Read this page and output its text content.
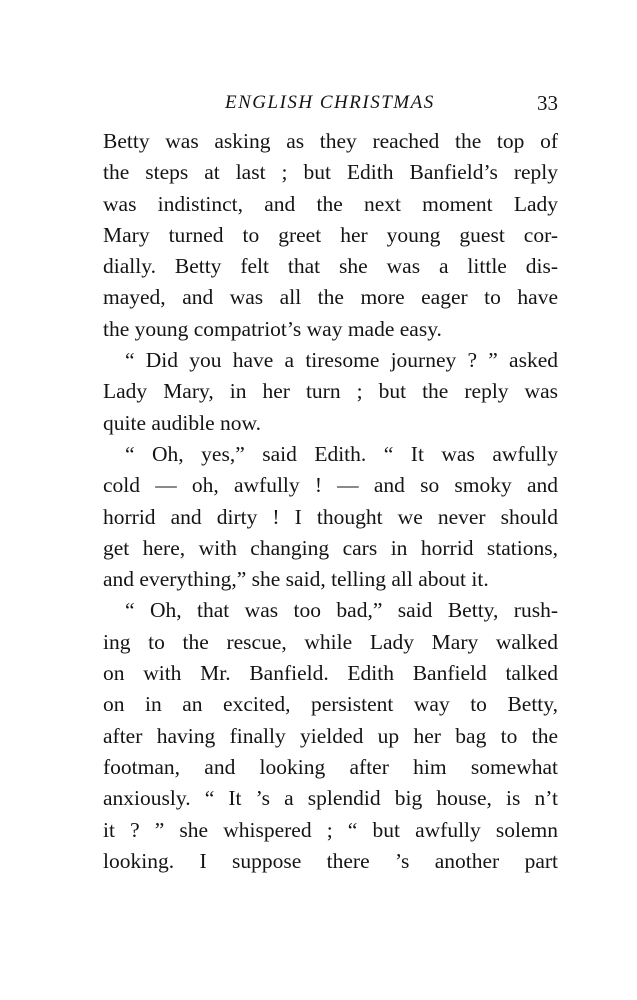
ENGLISH CHRISTMAS	33
Betty was asking as they reached the top of
the steps at last ; but Edith Banfield’s reply
was indistinct, and the next moment Lady
Mary turned to greet her young guest cor-
dially. Betty felt that she was a little dis-
mayed, and was all the more eager to have
the young compatriot’s way made easy.
“ Did you have a tiresome journey ? ” asked
Lady Mary, in her turn ; but the reply was
quite audible now.
“ Oh, yes,” said Edith. “ It was awfully
cold — oh, awfully ! — and so smoky and
horrid and dirty ! I thought we never should
get here, with changing cars in horrid stations,
and everything,” she said, telling all about it.
“ Oh, that was too bad,” said Betty, rush-
ing to the rescue, while Lady Mary walked
on with Mr. Banfield. Edith Banfield talked
on in an excited, persistent way to Betty,
after having finally yielded up her bag to the
footman, and looking after him somewhat
anxiously. “ It ’s a splendid big house, is n’t
it ? ” she whispered ; “ but awfully solemn
looking. I suppose there ’s another part
